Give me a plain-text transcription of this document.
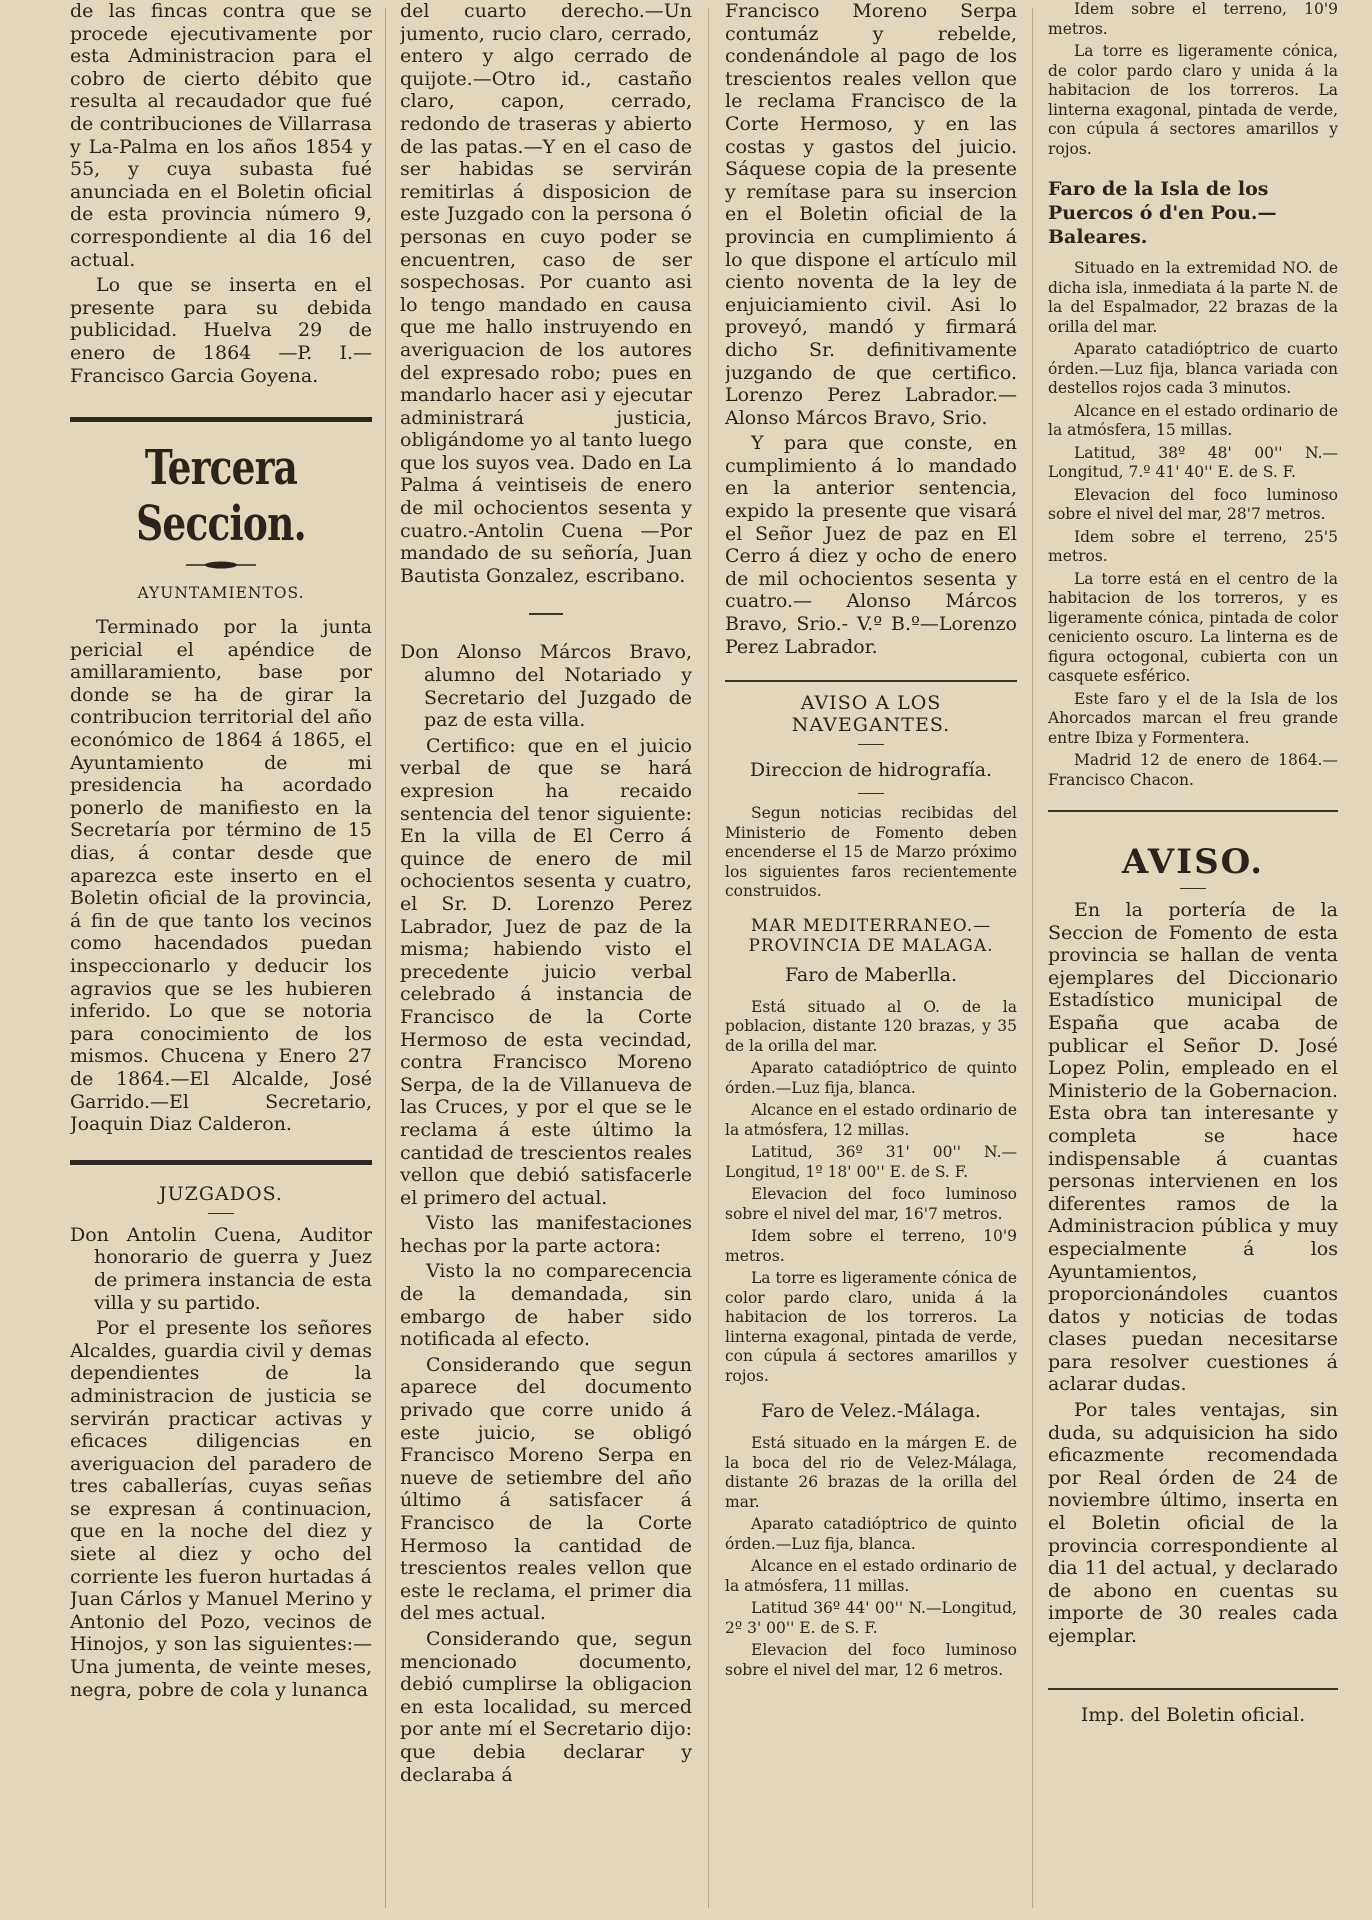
de las fincas contra que se procede ejecutivamente por esta Administracion para el cobro de cierto débito que resulta al recaudador que fué de contribuciones de Villarrasa y La-Palma en los años 1854 y 55, y cuya subasta fué anunciada en el Boletin oficial de esta provincia número 9, correspondiente al dia 16 del actual.

Lo que se inserta en el presente para su debida publicidad. Huelva 29 de enero de 1864 —P. I.—Francisco Garcia Goyena.

Tercera Seccion.
AYUNTAMIENTOS.

Terminado por la junta pericial el apéndice de amillaramiento, base por donde se ha de girar la contribucion territorial del año económico de 1864 á 1865, el Ayuntamiento de mi presidencia ha acordado ponerlo de manifiesto en la Secretaría por término de 15 dias, á contar desde que aparezca este inserto en el Boletin oficial de la provincia, á fin de que tanto los vecinos como hacendados puedan inspeccionarlo y deducir los agravios que se les hubieren inferido. Lo que se notoria para conocimiento de los mismos. Chucena y Enero 27 de 1864.—El Alcalde, José Garrido.—El Secretario, Joaquin Diaz Calderon.

JUZGADOS.

Don Antolin Cuena, Auditor honorario de guerra y Juez de primera instancia de esta villa y su partido.

Por el presente los señores Alcaldes, guardia civil y demas dependientes de la administracion de justicia se servirán practicar activas y eficaces diligencias en averiguacion del paradero de tres caballerías, cuyas señas se expresan á continuacion, que en la noche del diez y siete al diez y ocho del corriente les fueron hurtadas á Juan Cárlos y Manuel Merino y Antonio del Pozo, vecinos de Hinojos, y son las siguientes:—Una jumenta, de veinte meses, negra, pobre de cola y lunanca

del cuarto derecho.—Un jumento, rucio claro, cerrado, entero y algo cerrado de quijote.—Otro id., castaño claro, capon, cerrado, redondo de traseras y abierto de las patas.—Y en el caso de ser habidas se servirán remitirlas á disposicion de este Juzgado con la persona ó personas en cuyo poder se encuentren, caso de ser sospechosas. Por cuanto asi lo tengo mandado en causa que me hallo instruyendo en averiguacion de los autores del expresado robo; pues en mandarlo hacer asi y ejecutar administrará justicia, obligándome yo al tanto luego que los suyos vea. Dado en La Palma á veintiseis de enero de mil ochocientos sesenta y cuatro.-Antolin Cuena —Por mandado de su señoría, Juan Bautista Gonzalez, escribano.

Don Alonso Márcos Bravo, alumno del Notariado y Secretario del Juzgado de paz de esta villa.

Certifico: que en el juicio verbal de que se hará expresion ha recaido sentencia del tenor siguiente: En la villa de El Cerro á quince de enero de mil ochocientos sesenta y cuatro, el Sr. D. Lorenzo Perez Labrador, Juez de paz de la misma; habiendo visto el precedente juicio verbal celebrado á instancia de Francisco de la Corte Hermoso de esta vecindad, contra Francisco Moreno Serpa, de la de Villanueva de las Cruces, y por el que se le reclama á este último la cantidad de trescientos reales vellon que debió satisfacerle el primero del actual.

Visto las manifestaciones hechas por la parte actora:

Visto la no comparecencia de la demandada, sin embargo de haber sido notificada al efecto.

Considerando que segun aparece del documento privado que corre unido á este juicio, se obligó Francisco Moreno Serpa en nueve de setiembre del año último á satisfacer á Francisco de la Corte Hermoso la cantidad de trescientos reales vellon que este le reclama, el primer dia del mes actual.

Considerando que, segun mencionado documento, debió cumplirse la obligacion en esta localidad, su merced por ante mí el Secretario dijo: que debia declarar y declaraba á

Francisco Moreno Serpa contumáz y rebelde, condenándole al pago de los trescientos reales vellon que le reclama Francisco de la Corte Hermoso, y en las costas y gastos del juicio. Sáquese copia de la presente y remítase para su insercion en el Boletin oficial de la provincia en cumplimiento á lo que dispone el artículo mil ciento noventa de la ley de enjuiciamiento civil. Asi lo proveyó, mandó y firmará dicho Sr. definitivamente juzgando de que certifico. Lorenzo Perez Labrador.— Alonso Márcos Bravo, Srio.

Y para que conste, en cumplimiento á lo mandado en la anterior sentencia, expido la presente que visará el Señor Juez de paz en El Cerro á diez y ocho de enero de mil ochocientos sesenta y cuatro.— Alonso Márcos Bravo, Srio.- V.º B.º—Lorenzo Perez Labrador.

AVISO A LOS NAVEGANTES.
Direccion de hidrografía.

Segun noticias recibidas del Ministerio de Fomento deben encenderse el 15 de Marzo próximo los siguientes faros recientemente construidos.

MAR MEDITERRANEO.—PROVINCIA DE MALAGA.
Faro de Maberlla.

Está situado al O. de la poblacion, distante 120 brazas, y 35 de la orilla del mar.

Aparato catadióptrico de quinto órden.—Luz fija, blanca.

Alcance en el estado ordinario de la atmósfera, 12 millas.

Latitud, 36º 31' 00'' N.—Longitud, 1º 18' 00'' E. de S. F.

Elevacion del foco luminoso sobre el nivel del mar, 16'7 metros.

Idem sobre el terreno, 10'9 metros.

La torre es ligeramente cónica de color pardo claro, unida á la habitacion de los torreros. La linterna exagonal, pintada de verde, con cúpula á sectores amarillos y rojos.

Faro de Velez.-Málaga.

Está situado en la márgen E. de la boca del rio de Velez-Málaga, distante 26 brazas de la orilla del mar.

Aparato catadióptrico de quinto órden.—Luz fija, blanca.

Alcance en el estado ordinario de la atmósfera, 11 millas.

Latitud 36º 44' 00'' N.—Longitud, 2º 3' 00'' E. de S. F.

Elevacion del foco luminoso sobre el nivel del mar, 12 6 metros.

Idem sobre el terreno, 10'9 metros.

La torre es ligeramente cónica, de color pardo claro y unida á la habitacion de los torreros. La linterna exagonal, pintada de verde, con cúpula á sectores amarillos y rojos.

Faro de la Isla de los Puercos ó d'en Pou.—Baleares.

Situado en la extremidad NO. de dicha isla, inmediata á la parte N. de la del Espalmador, 22 brazas de la orilla del mar.

Aparato catadióptrico de cuarto órden.—Luz fija, blanca variada con destellos rojos cada 3 minutos.

Alcance en el estado ordinario de la atmósfera, 15 millas.

Latitud, 38º 48' 00'' N.—Longitud, 7.º 41' 40'' E. de S. F.

Elevacion del foco luminoso sobre el nivel del mar, 28'7 metros.

Idem sobre el terreno, 25'5 metros.

La torre está en el centro de la habitacion de los torreros, y es ligeramente cónica, pintada de color ceniciento oscuro. La linterna es de figura octogonal, cubierta con un casquete esférico.

Este faro y el de la Isla de los Ahorcados marcan el freu grande entre Ibiza y Formentera.

Madrid 12 de enero de 1864.— Francisco Chacon.

AVISO.

En la portería de la Seccion de Fomento de esta provincia se hallan de venta ejemplares del Diccionario Estadístico municipal de España que acaba de publicar el Señor D. José Lopez Polin, empleado en el Ministerio de la Gobernacion. Esta obra tan interesante y completa se hace indispensable á cuantas personas intervienen en los diferentes ramos de la Administracion pública y muy especialmente á los Ayuntamientos, proporcionándoles cuantos datos y noticias de todas clases puedan necesitarse para resolver cuestiones á aclarar dudas.

Por tales ventajas, sin duda, su adquisicion ha sido eficazmente recomendada por Real órden de 24 de noviembre último, inserta en el Boletin oficial de la provincia correspondiente al dia 11 del actual, y declarado de abono en cuentas su importe de 30 reales cada ejemplar.

Imp. del Boletin oficial.
